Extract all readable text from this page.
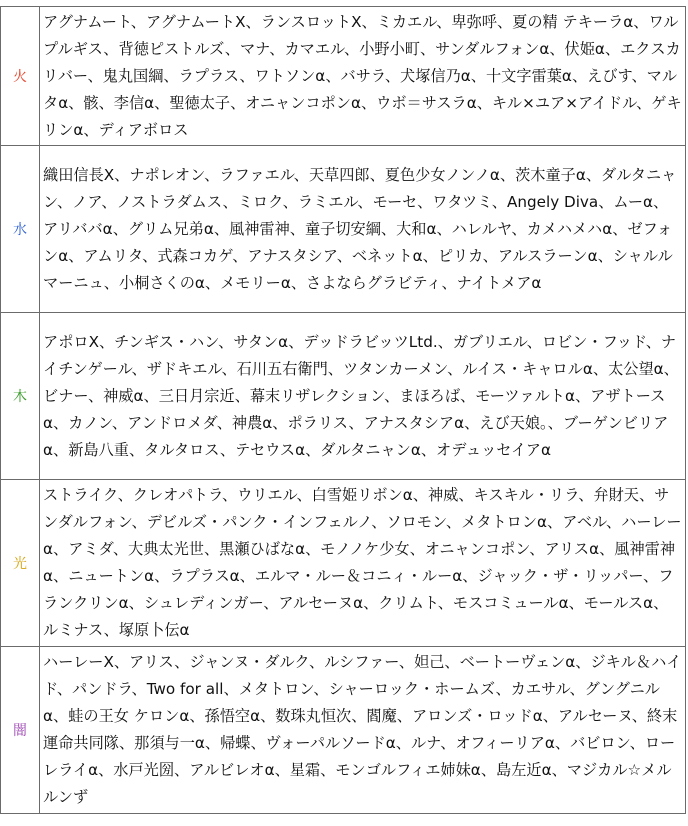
火	アグナムート、アグナムートX、ランスロットX、ミカエル、卑弥呼、夏の精 テキーラα、ワルプルギス、背徳ピストルズ、マナ、カマエル、小野小町、サンダルフォンα、伏姫α、エクスカリバー、鬼丸国綱、ラプラス、ワトソンα、バサラ、犬塚信乃α、十文字雷葉α、えびす、マルタα、骸、李信α、聖徳太子、オニャンコポンα、ウボ＝サスラα、キル×ユア×アイドル、ゲキリンα、ディアボロス
水	織田信長X、ナポレオン、ラファエル、天草四郎、夏色少女ノンノα、茨木童子α、ダルタニャン、ノア、ノストラダムス、ミロク、ラミエル、モーセ、ワタツミ、Angely Diva、ムーα、アリババα、グリム兄弟α、風神雷神、童子切安綱、大和α、ハレルヤ、カメハメハα、ゼフォンα、アムリタ、式森コカゲ、アナスタシア、ベネットα、ピリカ、アルスラーンα、シャルルマーニュ、小桐さくのα、メモリーα、さよならグラビティ、ナイトメアα
木	アポロX、チンギス・ハン、サタンα、デッドラビッツLtd.、ガブリエル、ロビン・フッド、ナイチンゲール、ザドキエル、石川五右衛門、ツタンカーメン、ルイス・キャロルα、太公望α、ビナー、神威α、三日月宗近、幕末リザレクション、まほろば、モーツァルトα、アザトースα、カノン、アンドロメダ、神農α、ポラリス、アナスタシアα、えび天娘。、ブーゲンビリアα、新島八重、タルタロス、テセウスα、ダルタニャンα、オデュッセイアα
光	ストライク、クレオパトラ、ウリエル、白雪姫リボンα、神威、キスキル・リラ、弁財天、サンダルフォン、デビルズ・パンク・インフェルノ、ソロモン、メタトロンα、アベル、ハーレーα、アミダ、大典太光世、黒瀬ひばなα、モノノケ少女、オニャンコポン、アリスα、風神雷神α、ニュートンα、ラプラスα、エルマ・ルー＆コニィ・ルーα、ジャック・ザ・リッパー、フランクリンα、シュレディンガー、アルセーヌα、クリムト、モスコミュールα、モールスα、ルミナス、塚原卜伝α
闇	ハーレーX、アリス、ジャンヌ・ダルク、ルシファー、妲己、ベートーヴェンα、ジキル＆ハイド、パンドラ、Two for all、メタトロン、シャーロック・ホームズ、カエサル、グングニルα、蛙の王女 ケロンα、孫悟空α、数珠丸恒次、閻魔、アロンズ・ロッドα、アルセーヌ、終末運命共同隊、那須与一α、帰蝶、ヴォーパルソードα、ルナ、オフィーリアα、バビロン、ローレライα、水戸光圀、アルビレオα、星霜、モンゴルフィエ姉妹α、島左近α、マジカル☆メルルンず
